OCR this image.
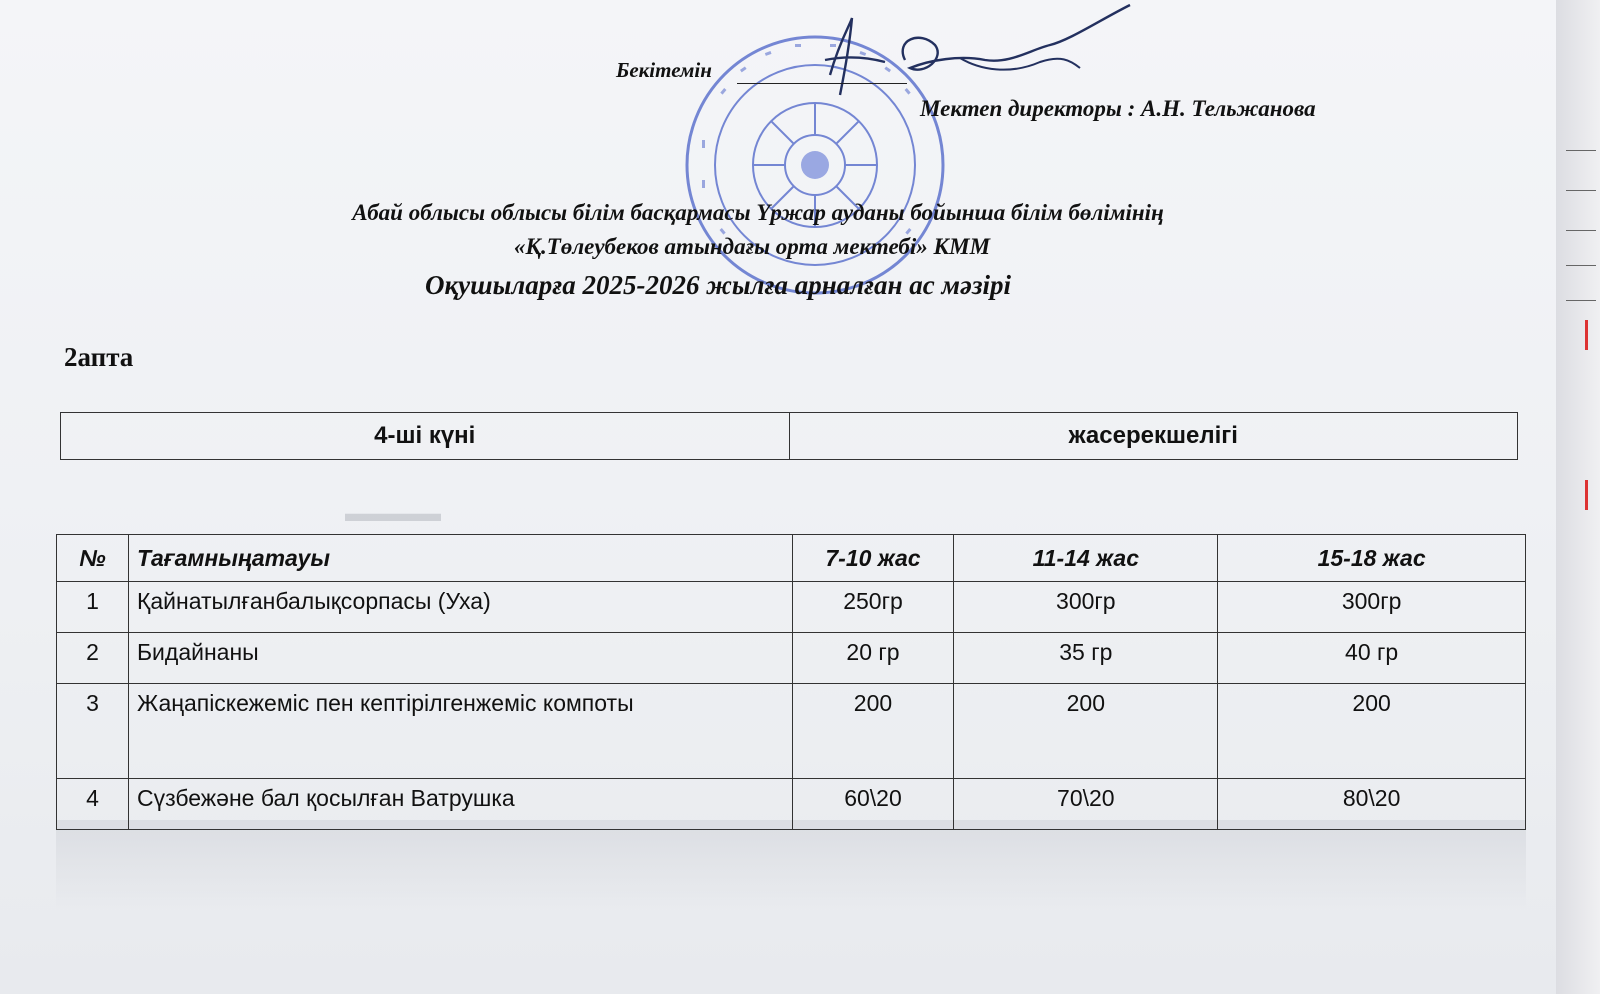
▬▬▬▬
Бекітемін
Мектеп директоры : А.Н. Тельжанова
Абай облысы облысы білім басқармасы Үржар ауданы бойынша білім бөлімінің
«Қ.Төлеубеков атындағы орта мектебі» КММ
Оқушыларға 2025-2026 жылға арналған ас мәзірі
2апта
4-ші күні	жасерекшелігі
№	Тағамныңатауы	7-10 жас	11-14 жас	15-18 жас
1	Қайнатылғанбалықсорпасы (Уха)	250гр	300гр	300гр
2	Бидайнаны	20 гр	35 гр	40 гр
3	Жаңапіскежеміс пен кептірілгенжеміс компоты	200	200	200
4	Сүзбежәне бал қосылған Ватрушка	60\20	70\20	80\20
